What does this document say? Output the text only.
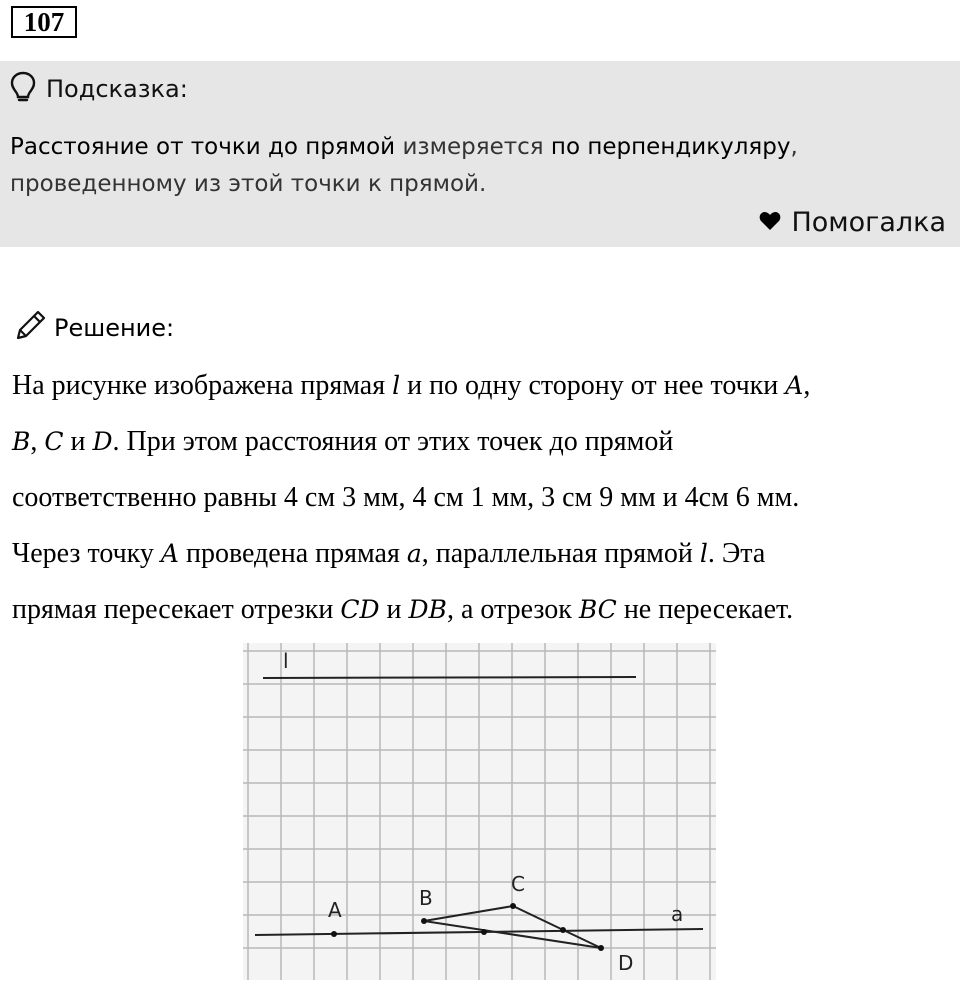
107
Подсказка:
Расстояние от точки до прямой измеряется по перпендикуляру,
проведенному из этой точки к прямой.
Помогалка
Решение:

На рисунке изображена прямая l и по одну сторону от нее точки A,

B, C и D. При этом расстояния от этих точек до прямой

соответственно равны 4 см 3 мм, 4 см 1 мм, 3 см 9 мм и 4см 6 мм.

Через точку A проведена прямая a, параллельная прямой l. Эта

прямая пересекает отрезки CD и DB, а отрезок BC не пересекает.

l
a
A	B
C
D
